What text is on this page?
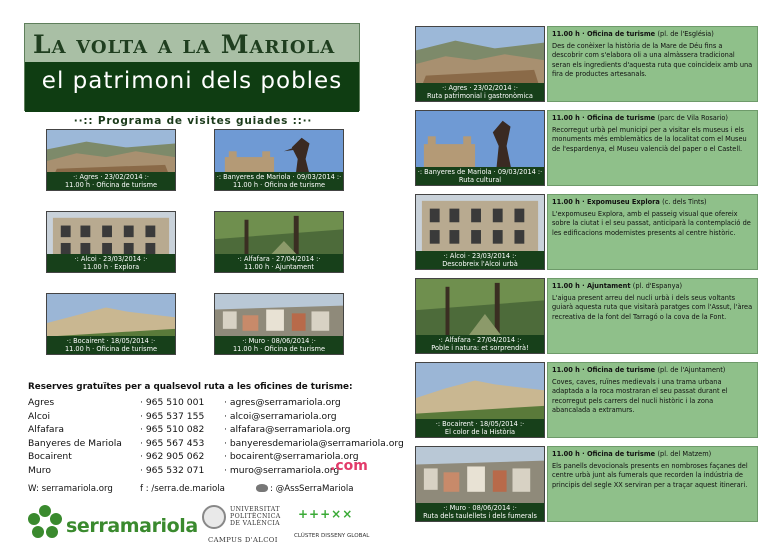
La volta a la Mariola
el patrimoni dels pobles
··:: Programa de visites guiades ::··
·: Agres · 23/02/2014 :·
11.00 h · Oficina de turisme
·: Banyeres de Mariola · 09/03/2014 :·
11.00 h · Oficina de turisme
·: Alcoi · 23/03/2014 :·
11.00 h · Explora
·: Alfafara · 27/04/2014 :·
11.00 h · Ajuntament
·: Bocairent · 18/05/2014 :·
11.00 h · Oficina de turisme
·: Muro · 08/06/2014 :·
11.00 h · Oficina de turisme
Reserves gratuïtes per a qualsevol ruta a les oficines de turisme:
Agres	· 965 510 001 · agres@serramariola.org
Alcoi	· 965 537 155 · alcoi@serramariola.org
Alfafara	· 965 510 082 · alfafara@serramariola.org
Banyeres de Mariola	· 965 567 453 · banyeresdemariola@serramariola.org
Bocairent	· 962 905 062 · bocairent@serramariola.org
Muro	· 965 532 071 · muro@serramariola.org
.com
W: serramariola.org	f : /serra.de.mariola	: @AssSerraMariola
serramariola
UNIVERSITAT POLITÈCNICA DE VALÈNCIA
CAMPUS D'ALCOI
+++××
CLÚSTER DISSENY GLOBAL
·: Agres · 23/02/2014 :·
Ruta patrimonial i gastronòmica
11.00 h · Oficina de turisme (pl. de l'Església)
Des de conèixer la història de la Mare de Déu fins a descobrir com s'elabora oli a una almàssera tradicional seran els ingredients d'aquesta ruta que coincideix amb una fira de productes artesanals.
·: Banyeres de Mariola · 09/03/2014 :·
Ruta cultural
11.00 h · Oficina de turisme (parc de Vila Rosario)
Recorregut urbà pel municipi per a visitar els museus i els monuments més emblemàtics de la localitat com el Museu de l'espardenya, el Museu valencià del paper o el Castell.
·: Alcoi · 23/03/2014 :·
Descobreix l'Alcoi urbà
11.00 h · Expomuseu Explora (c. dels Tints)
L'expomuseu Explora, amb el passeig visual que ofereix sobre la ciutat i el seu passat, anticiparà la contemplació de les edificacions modernistes presents al centre històric.
·: Alfafara · 27/04/2014 :·
Poble i natura: et sorprendrà!
11.00 h · Ajuntament (pl. d'Espanya)
L'aigua present arreu del nucli urbà i dels seus voltants guiarà aquesta ruta que visitarà paratges com l'Assut, l'àrea recreativa de la font del Tarragó o la cova de la Font.
·: Bocairent · 18/05/2014 :·
El color de la Història
11.00 h · Oficina de turisme (pl. de l'Ajuntament)
Coves, caves, ruïnes medievals i una trama urbana adaptada a la roca mostraran el seu passat durant el recorregut pels carrers del nucli històric i la zona abancalada a extramurs.
·: Muro · 08/06/2014 :·
Ruta dels taulellets i dels fumerals
11.00 h · Oficina de turisme (pl. del Matzem)
Els panells devocionals presents en nombroses façanes del centre urbà junt als fumerals que recorden la indústria de principis del segle XX serviran per a traçar aquest itinerari.
